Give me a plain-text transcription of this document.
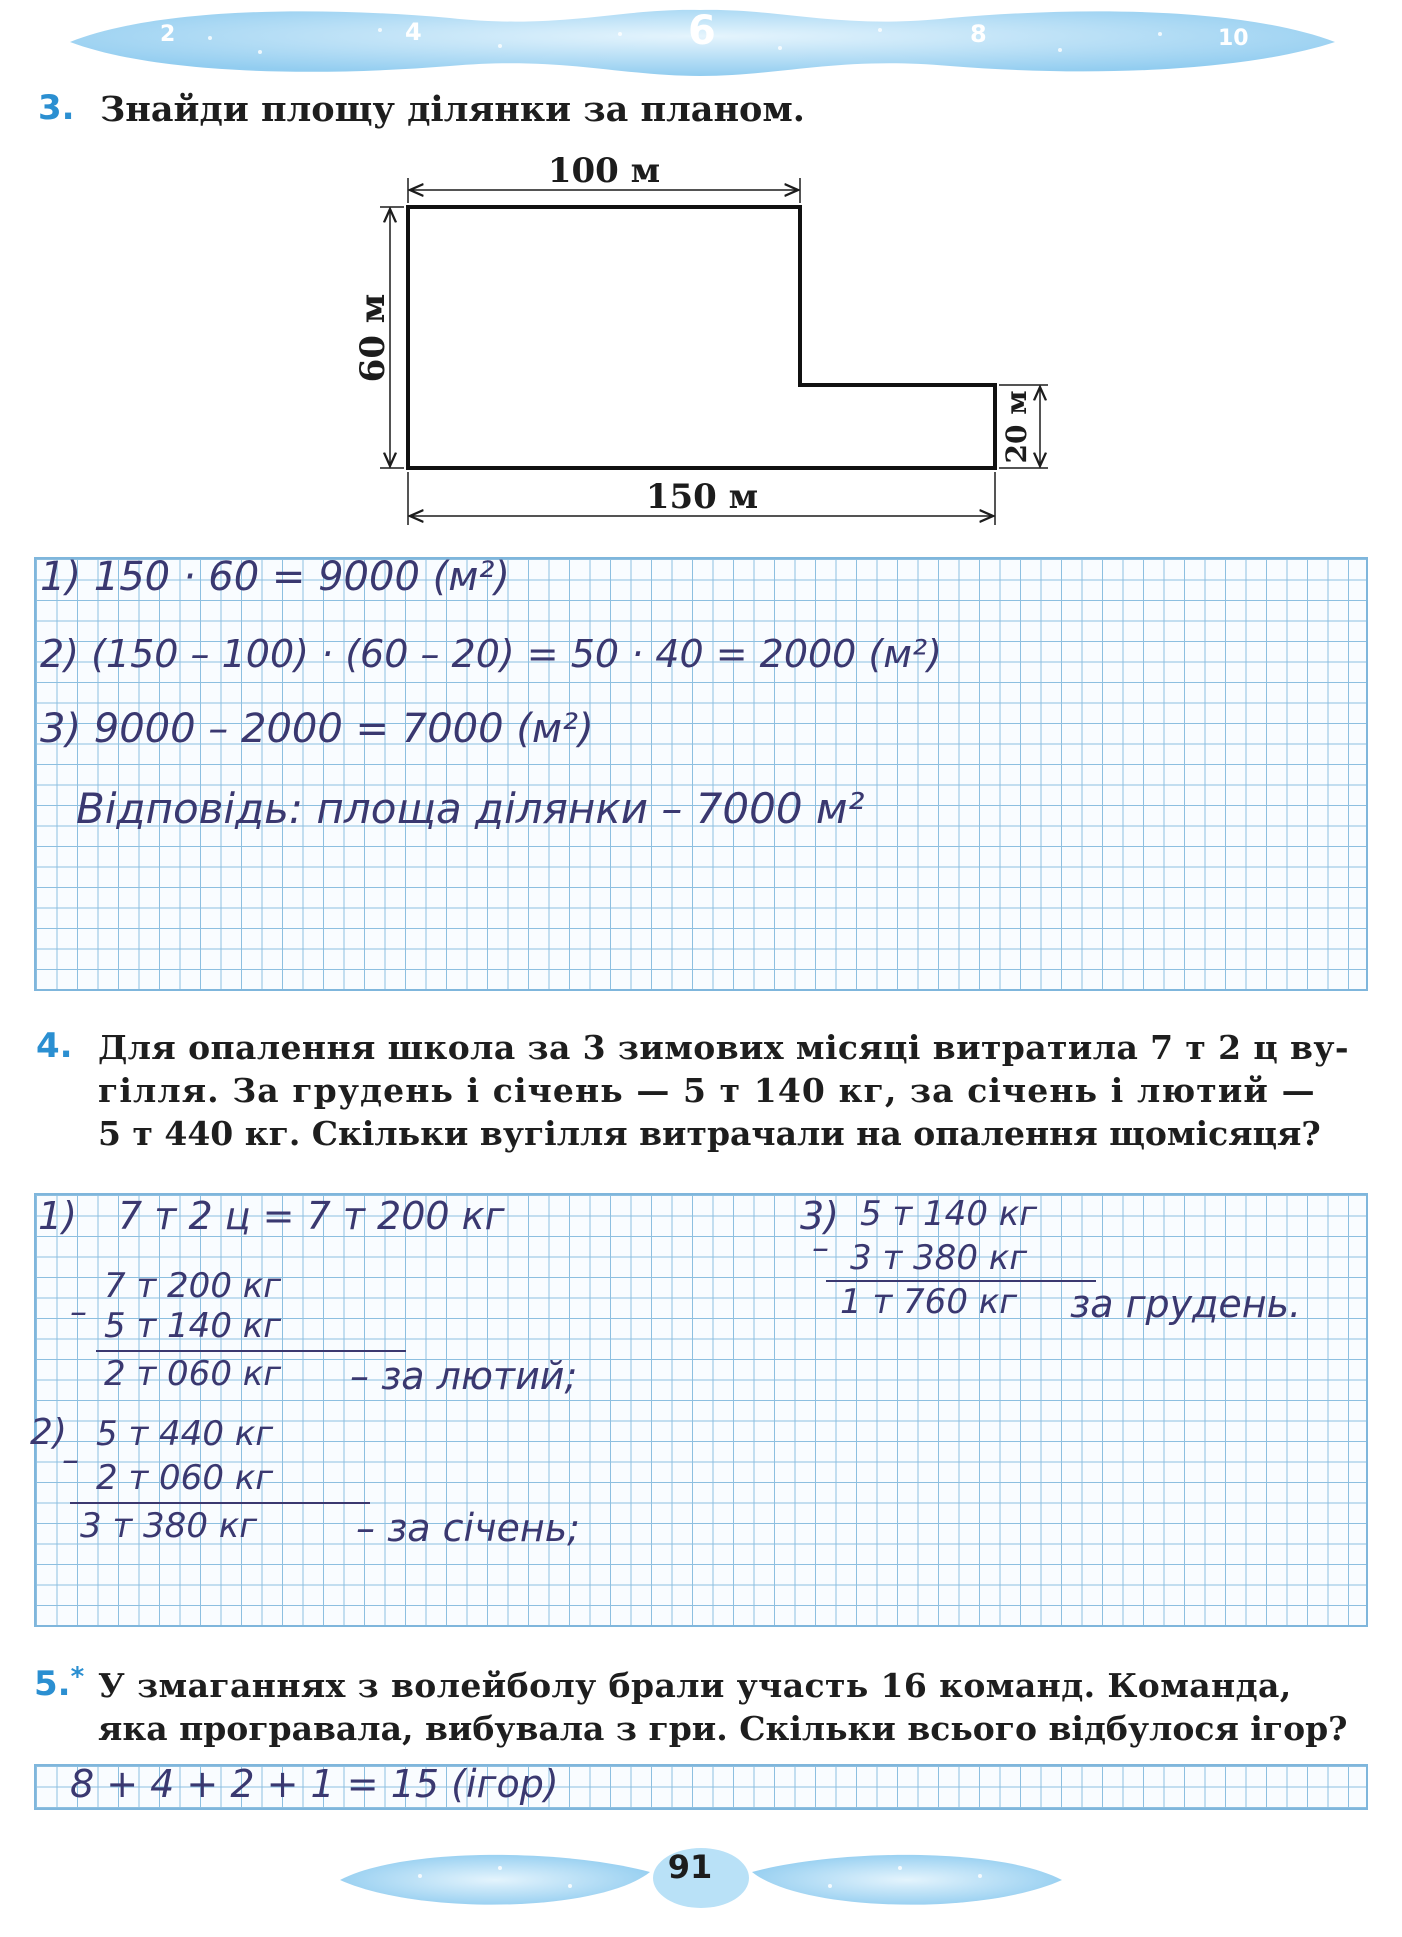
2	4	6	8	10
3. Знайди площу ділянки за планом.
100 м
60 м
20 м
150 м
1) 150 · 60 = 9000 (м²)
2) (150 – 100) · (60 – 20) = 50 · 40 = 2000 (м²)
3) 9000 – 2000 = 7000 (м²)
Відповідь: площа ділянки – 7000 м²
4. Для опалення школа за 3 зимових місяці витратила 7 т 2 ц ву-
гілля. За грудень і січень — 5 т 140 кг, за січень і лютий —
5 т 440 кг. Скільки вугілля витрачали на опалення щомісяця?
1) 7 т 2 ц = 7 т 200 кг
7 т 200 кг
– 5 т 140 кг
2 т 060 кг – за лютий;
2) 5 т 440 кг
– 2 т 060 кг
3 т 380 кг	– за січень;
3) 5 т 140 кг
– 3 т 380 кг
1 т 760 кг за грудень.
5.* У змаганнях з волейболу брали участь 16 команд. Команда,
яка програвала, вибувала з гри. Скільки всього відбулося ігор?
8 + 4 + 2 + 1 = 15 (ігор)
91
